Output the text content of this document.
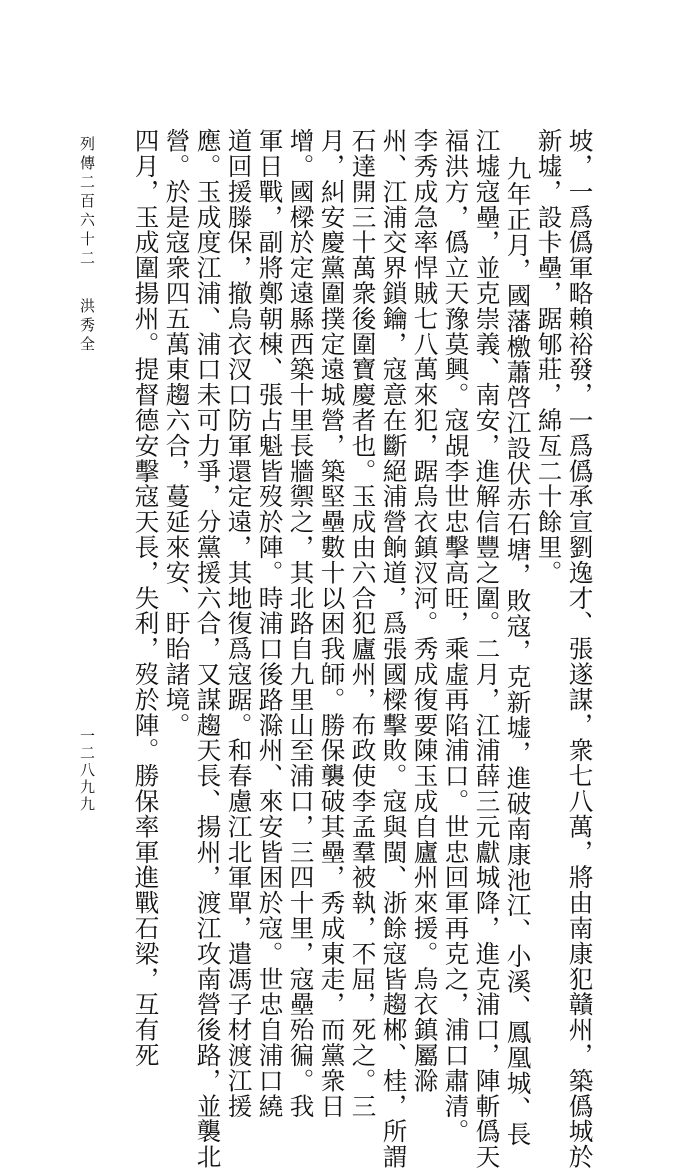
坡，一爲僞軍略賴裕發，一爲僞承宣劉逸才、張遂謀，衆七八萬，將由南康犯贛州，築僞城於
新墟，設卡壘，踞郇莊，綿亙二十餘里。
九年正月，國藩檄蕭啓江設伏赤石塘，敗寇，克新墟，進破南康池江、小溪、鳳凰城、長
江墟寇壘，並克崇義、南安，進解信豐之圍。二月，江浦薛三元獻城降，進克浦口，陣斬僞天
福洪方，僞立天豫莫興。寇覘李世忠擊高旺，乘虛再陷浦口。世忠回軍再克之，浦口肅清。
李秀成急率悍賊七八萬來犯，踞烏衣鎮汊河。秀成復要陳玉成自廬州來援。烏衣鎮屬滁
州、江浦交界鎖鑰，寇意在斷絕浦營餉道，爲張國樑擊敗。寇與閩、浙餘寇皆趨郴、桂，所謂
石達開三十萬衆後圍寶慶者也。玉成由六合犯廬州，布政使李孟羣被執，不屈，死之。三
月，糾安慶黨圍撲定遠城營，築堅壘數十以困我師。勝保襲破其壘，秀成東走，而黨衆日
增。國樑於定遠縣西築十里長牆禦之，其北路自九里山至浦口，三四十里，寇壘殆徧。我
軍日戰，副將鄭朝棟、張占魁皆歿於陣。時浦口後路滁州、來安皆困於寇。世忠自浦口繞
道回援滕保，撤烏衣汊口防軍還定遠，其地復爲寇踞。和春慮江北軍單，遣馮子材渡江援
應。玉成度江浦、浦口未可力爭，分黨援六合，又謀趨天長、揚州，渡江攻南營後路，並襲北
營。於是寇衆四五萬東趨六合，蔓延來安、盱眙諸境。
四月，玉成圍揚州。提督德安擊寇天長，失利，歿於陣。勝保率軍進戰石梁，互有死
列傳二百六十二
洪秀全
一二八九九
